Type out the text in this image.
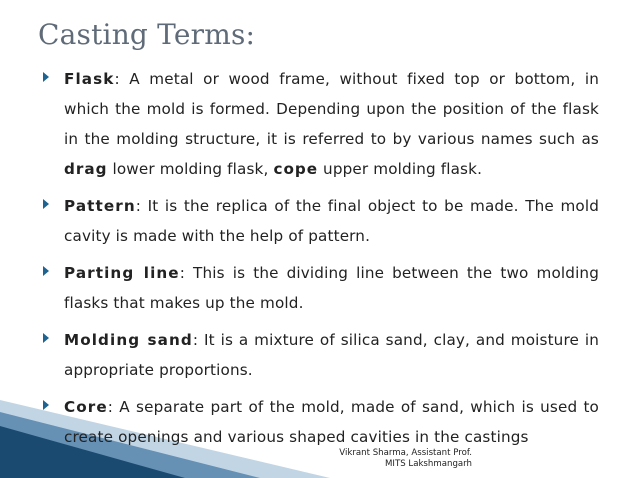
Casting Terms:
Flask: A metal or wood frame, without fixed top or bottom, in which the mold is formed. Depending upon the position of the flask in the molding structure, it is referred to by various names such as drag lower molding flask, cope upper molding flask.
Pattern: It is the replica of the final object to be made. The mold cavity is made with the help of pattern.
Parting line: This is the dividing line between the two molding flasks that makes up the mold.
Molding sand: It is a mixture of silica sand, clay, and moisture in appropriate proportions.
Core: A separate part of the mold, made of sand, which is used to create openings and various shaped cavities in the castings
Vikrant Sharma, Assistant Prof.
MITS Lakshmangarh
